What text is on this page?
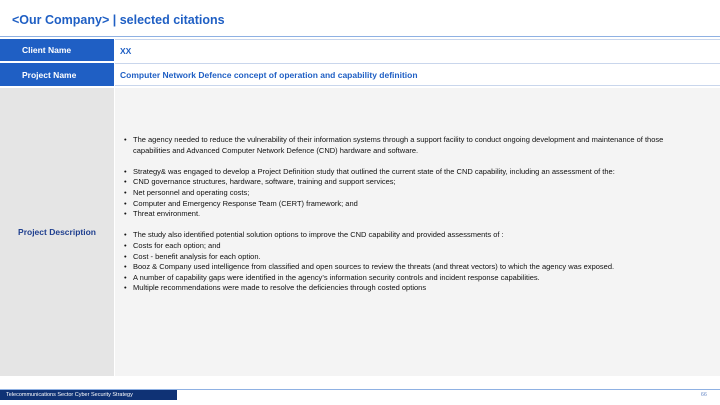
<Our Company> | selected citations
Client Name	XX
Project Name	Computer Network Defence concept of operation and capability definition
Project Description
• The agency needed to reduce the vulnerability of their information systems through a support facility to conduct ongoing development and maintenance of those capabilities and Advanced Computer Network Defence (CND) hardware and software.
• Strategy& was engaged to develop a Project Definition study that outlined the current state of the CND capability, including an assessment of the:
• CND governance structures, hardware, software, training and support services;
• Net personnel and operating costs;
• Computer and Emergency Response Team (CERT) framework; and
• Threat environment.
• The study also identified potential solution options to improve the CND capability and provided assessments of :
• Costs for each option; and
• Cost - benefit analysis for each option.
• Booz & Company used intelligence from classified and open sources to review the threats (and threat vectors) to which the agency was exposed.
• A number of capability gaps were identified in the agency’s information security controls and incident response capabilities.
• Multiple recommendations were made to resolve the deficiencies through costed options
Telecommunications Sector Cyber Security Strategy	66
